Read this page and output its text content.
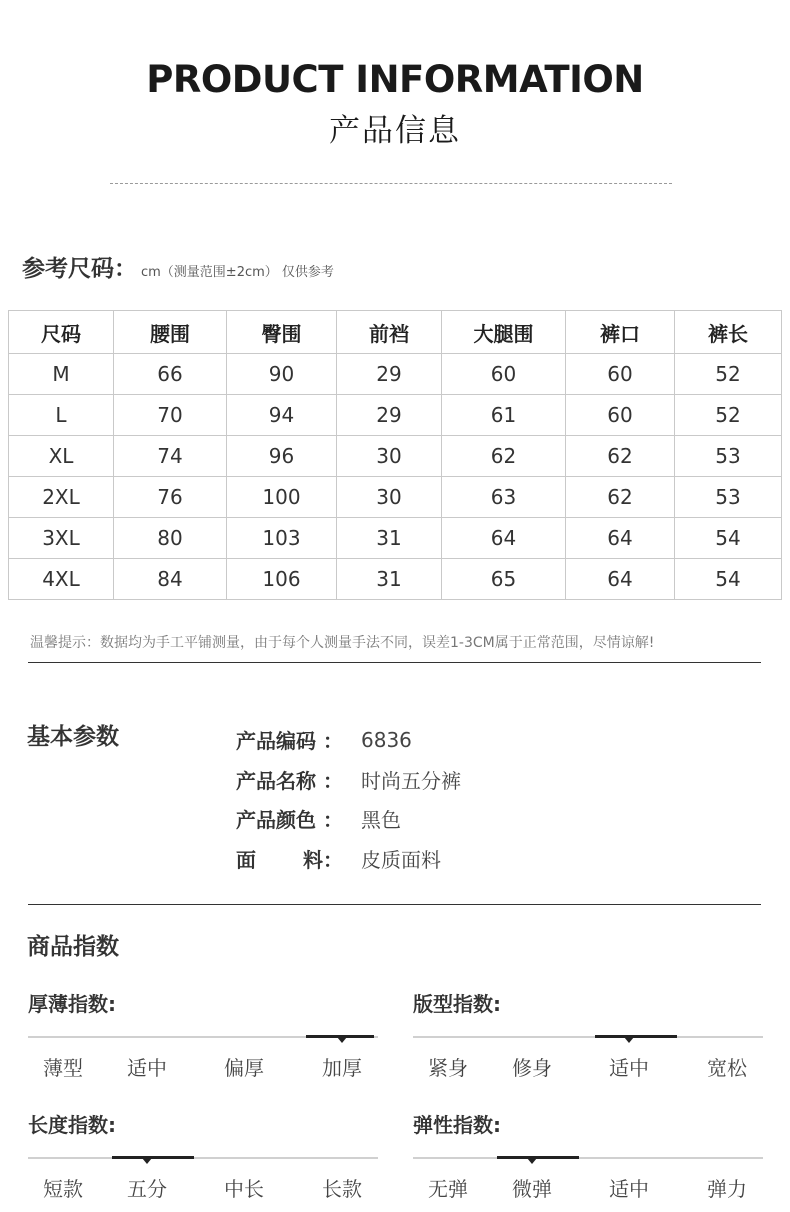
PRODUCT INFORMATION
产品信息
参考尺码： cm（测量范围±2cm） 仅供参考
尺码	腰围	臀围	前裆	大腿围	裤口	裤长
M	66	90	29	60	60	52
L	70	94	29	61	60	52
XL	74	96	30	62	62	53
2XL	76	100	30	63	62	53
3XL	80	103	31	64	64	54
4XL	84	106	31	65	64	54
温馨提示：数据均为手工平铺测量，由于每个人测量手法不同，误差1-3CM属于正常范围，尽情谅解!
基本参数	产品编码 ： 6836
产品名称 ： 时尚五分裤
产品颜色 ： 黑色
面 料 ： 皮质面料
商品指数
厚薄指数:
薄型 适中	偏厚	加厚
版型指数:
紧身 修身	适中	宽松
长度指数:
短款 五分	中长	长款
弹性指数:
无弹 微弹	适中	弹力
